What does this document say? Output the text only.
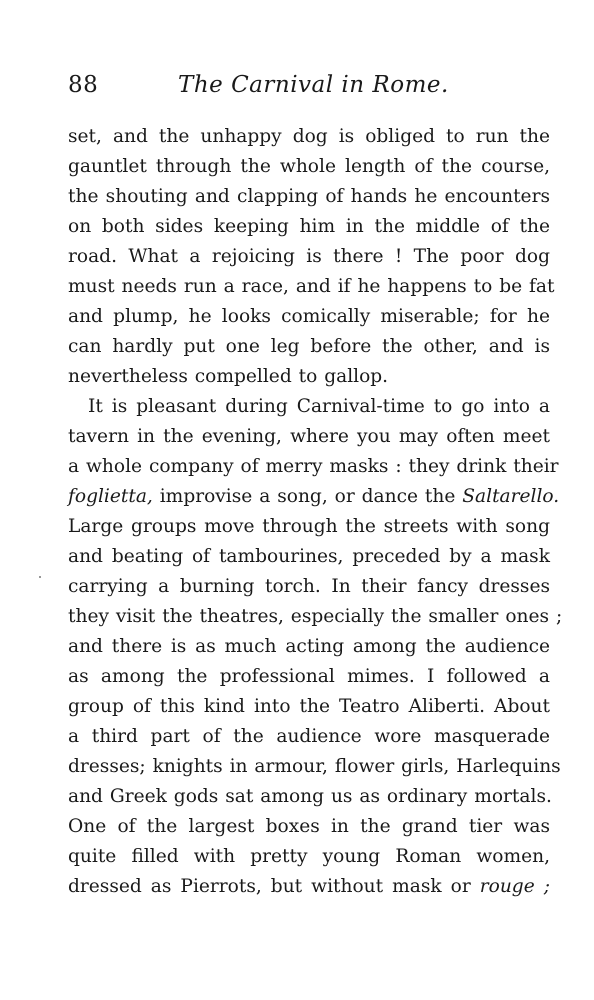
88	The Carnival in Rome.
set, and the unhappy dog is obliged to run the
gauntlet through the whole length of the course,
the shouting and clapping of hands he encounters
on both sides keeping him in the middle of the
road. What a rejoicing is there ! The poor dog
must needs run a race, and if he happens to be fat
and plump, he looks comically miserable; for he
can hardly put one leg before the other, and is
nevertheless compelled to gallop.
It is pleasant during Carnival-time to go into a
tavern in the evening, where you may often meet
a whole company of merry masks : they drink their
foglietta, improvise a song, or dance the Saltarello.
Large groups move through the streets with song
and beating of tambourines, preceded by a mask
carrying a burning torch. In their fancy dresses
they visit the theatres, especially the smaller ones ;
and there is as much acting among the audience
as among the professional mimes. I followed a
group of this kind into the Teatro Aliberti. About
a third part of the audience wore masquerade
dresses; knights in armour, flower girls, Harlequins
and Greek gods sat among us as ordinary mortals.
One of the largest boxes in the grand tier was
quite filled with pretty young Roman women,
dressed as Pierrots, but without mask or rouge ;
